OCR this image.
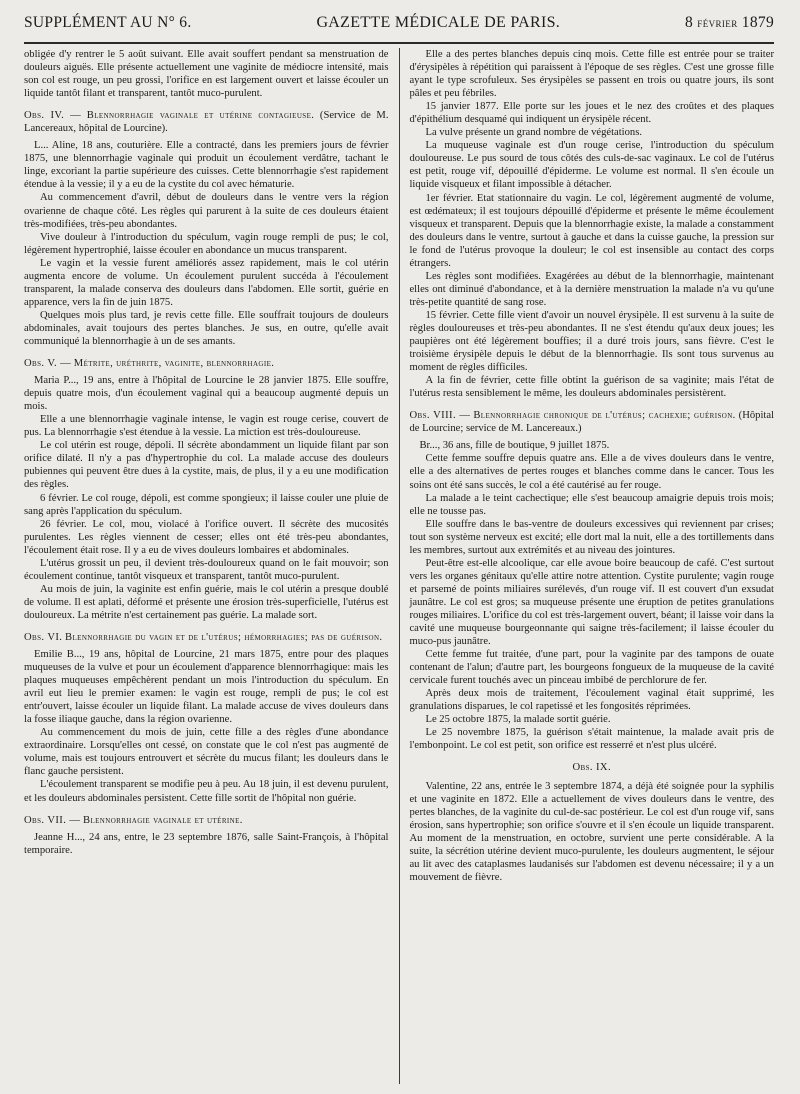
SUPPLÉMENT AU N° 6.	GAZETTE MÉDICALE DE PARIS.	8 février 1879

obligée d'y rentrer le 5 août suivant. Elle avait souffert pendant sa menstruation de douleurs aiguës. Elle présente actuellement une vaginite de médiocre intensité, mais son col est rouge, un peu grossi, l'orifice en est largement ouvert et laisse écouler un liquide tantôt filant et transparent, tantôt muco-purulent.

Obs. IV. — Blennorrhagie vaginale et utérine contagieuse. (Service de M. Lancereaux, hôpital de Lourcine).

L... Aline, 18 ans, couturière. Elle a contracté, dans les premiers jours de février 1875, une blennorrhagie vaginale qui produit un écoulement verdâtre, tachant le linge, excoriant la partie supérieure des cuisses. Cette blennorrhagie s'est rapidement étendue à la vessie; il y a eu de la cystite du col avec hématurie.

Au commencement d'avril, début de douleurs dans le ventre vers la région ovarienne de chaque côté. Les règles qui parurent à la suite de ces douleurs étaient très-modifiées, très-peu abondantes.

Vive douleur à l'introduction du spéculum, vagin rouge rempli de pus; le col, légèrement hypertrophié, laisse écouler en abondance un mucus transparent.

Le vagin et la vessie furent améliorés assez rapidement, mais le col utérin augmenta encore de volume. Un écoulement purulent succéda à l'écoulement transparent, la malade conserva des douleurs dans l'abdomen. Elle sortit, guérie en apparence, vers la fin de juin 1875.

Quelques mois plus tard, je revis cette fille. Elle souffrait toujours de douleurs abdominales, avait toujours des pertes blanches. Je sus, en outre, qu'elle avait communiqué la blennorrhagie à un de ses amants.

Obs. V. — Métrite, uréthrite, vaginite, blennorrhagie.

Maria P..., 19 ans, entre à l'hôpital de Lourcine le 28 janvier 1875. Elle souffre, depuis quatre mois, d'un écoulement vaginal qui a beaucoup augmenté depuis un mois.

Elle a une blennorrhagie vaginale intense, le vagin est rouge cerise, couvert de pus. La blennorrhagie s'est étendue à la vessie. La miction est très-douloureuse.

Le col utérin est rouge, dépoli. Il sécrète abondamment un liquide filant par son orifice dilaté. Il n'y a pas d'hypertrophie du col. La malade accuse des douleurs pubiennes qui peuvent être dues à la cystite, mais, de plus, il y a eu une modification des règles.

6 février. Le col rouge, dépoli, est comme spongieux; il laisse couler une pluie de sang après l'application du spéculum.

26 février. Le col, mou, violacé à l'orifice ouvert. Il sécrète des mucosités purulentes. Les règles viennent de cesser; elles ont été très-peu abondantes, l'écoulement était rose. Il y a eu de vives douleurs lombaires et abdominales.

L'utérus grossit un peu, il devient très-douloureux quand on le fait mouvoir; son écoulement continue, tantôt visqueux et transparent, tantôt muco-purulent.

Au mois de juin, la vaginite est enfin guérie, mais le col utérin a presque doublé de volume. Il est aplati, déformé et présente une érosion très-superficielle, l'utérus est douloureux. La métrite n'est certainement pas guérie. La malade sort.

Obs. VI. Blennorrhagie du vagin et de l'utérus; hémorrhagies; pas de guérison.

Emilie B..., 19 ans, hôpital de Lourcine, 21 mars 1875, entre pour des plaques muqueuses de la vulve et pour un écoulement d'apparence blennorrhagique: mais les plaques muqueuses empêchèrent pendant un mois l'introduction du spéculum. En avril eut lieu le premier examen: le vagin est rouge, rempli de pus; le col est entr'ouvert, laisse écouler un liquide filant. La malade accuse de vives douleurs dans la fosse iliaque gauche, dans la région ovarienne.

Au commencement du mois de juin, cette fille a des règles d'une abondance extraordinaire. Lorsqu'elles ont cessé, on constate que le col n'est pas augmenté de volume, mais est toujours entrouvert et sécrète du mucus filant; les douleurs dans le flanc gauche persistent.

L'écoulement transparent se modifie peu à peu. Au 18 juin, il est devenu purulent, et les douleurs abdominales persistent. Cette fille sortit de l'hôpital non guérie.

Obs. VII. — Blennorrhagie vaginale et utérine.

Jeanne H..., 24 ans, entre, le 23 septembre 1876, salle Saint-François, à l'hôpital temporaire.

Elle a des pertes blanches depuis cinq mois. Cette fille est entrée pour se traiter d'érysipèles à répétition qui paraissent à l'époque de ses règles. C'est une grosse fille ayant le type scrofuleux. Ses érysipèles se passent en trois ou quatre jours, ils sont pâles et peu fébriles.

15 janvier 1877. Elle porte sur les joues et le nez des croûtes et des plaques d'épithélium desquamé qui indiquent un érysipèle récent.

La vulve présente un grand nombre de végétations.

La muqueuse vaginale est d'un rouge cerise, l'introduction du spéculum douloureuse. Le pus sourd de tous côtés des culs-de-sac vaginaux. Le col de l'utérus est petit, rouge vif, dépouillé d'épiderme. Le volume est normal. Il s'en écoule un liquide visqueux et filant impossible à détacher.

1er février. Etat stationnaire du vagin. Le col, légèrement augmenté de volume, est œdémateux; il est toujours dépouillé d'épiderme et présente le même écoulement visqueux et transparent. Depuis que la blennorrhagie existe, la malade a constamment des douleurs dans le ventre, surtout à gauche et dans la cuisse gauche, la pression sur le fond de l'utérus provoque la douleur; le col est insensible au contact des corps étrangers.

Les règles sont modifiées. Exagérées au début de la blennorrhagie, maintenant elles ont diminué d'abondance, et à la dernière menstruation la malade n'a vu qu'une très-petite quantité de sang rose.

15 février. Cette fille vient d'avoir un nouvel érysipèle. Il est survenu à la suite de règles douloureuses et très-peu abondantes. Il ne s'est étendu qu'aux deux joues; les paupières ont été légèrement bouffies; il a duré trois jours, sans fièvre. C'est le troisième érysipèle depuis le début de la blennorrhagie. Ils sont tous survenus au moment de règles difficiles.

A la fin de février, cette fille obtint la guérison de sa vaginite; mais l'état de l'utérus resta sensiblement le même, les douleurs abdominales persistèrent.

Obs. VIII. — Blennorrhagie chronique de l'utérus; cachexie; guérison. (Hôpital de Lourcine; service de M. Lancereaux.)

Br..., 36 ans, fille de boutique, 9 juillet 1875.

Cette femme souffre depuis quatre ans. Elle a de vives douleurs dans le ventre, elle a des alternatives de pertes rouges et blanches comme dans le cancer. Tous les soins ont été sans succès, le col a été cautérisé au fer rouge.

La malade a le teint cachectique; elle s'est beaucoup amaigrie depuis trois mois; elle ne tousse pas.

Elle souffre dans le bas-ventre de douleurs excessives qui reviennent par crises; tout son système nerveux est excité; elle dort mal la nuit, elle a des tortillements dans les membres, surtout aux extrémités et au niveau des jointures.

Peut-être est-elle alcoolique, car elle avoue boire beaucoup de café. C'est surtout vers les organes génitaux qu'elle attire notre attention. Cystite purulente; vagin rouge et parsemé de points miliaires surélevés, d'un rouge vif. Il est couvert d'un exsudat jaunâtre. Le col est gros; sa muqueuse présente une éruption de petites granulations rouges miliaires. L'orifice du col est très-largement ouvert, béant; il laisse voir dans la cavité une muqueuse bourgeonnante qui saigne très-facilement; il laisse écouler du muco-pus jaunâtre.

Cette femme fut traitée, d'une part, pour la vaginite par des tampons de ouate contenant de l'alun; d'autre part, les bourgeons fongueux de la muqueuse de la cavité cervicale furent touchés avec un pinceau imbibé de perchlorure de fer.

Après deux mois de traitement, l'écoulement vaginal était supprimé, les granulations disparues, le col rapetissé et les fongosités réprimées.

Le 25 octobre 1875, la malade sortit guérie.

Le 25 novembre 1875, la guérison s'était maintenue, la malade avait pris de l'embonpoint. Le col est petit, son orifice est resserré et n'est plus ulcéré.

Obs. IX.

Valentine, 22 ans, entrée le 3 septembre 1874, a déjà été soignée pour la syphilis et une vaginite en 1872. Elle a actuellement de vives douleurs dans le ventre, des pertes blanches, de la vaginite du cul-de-sac postérieur. Le col est d'un rouge vif, sans érosion, sans hypertrophie; son orifice s'ouvre et il s'en écoule un liquide transparent. Au moment de la menstruation, en octobre, survient une perte considérable. A la suite, la sécrétion utérine devient muco-purulente, les douleurs augmentent, le séjour au lit avec des cataplasmes laudanisés sur l'abdomen est devenu nécessaire; il y a un mouvement de fièvre.
